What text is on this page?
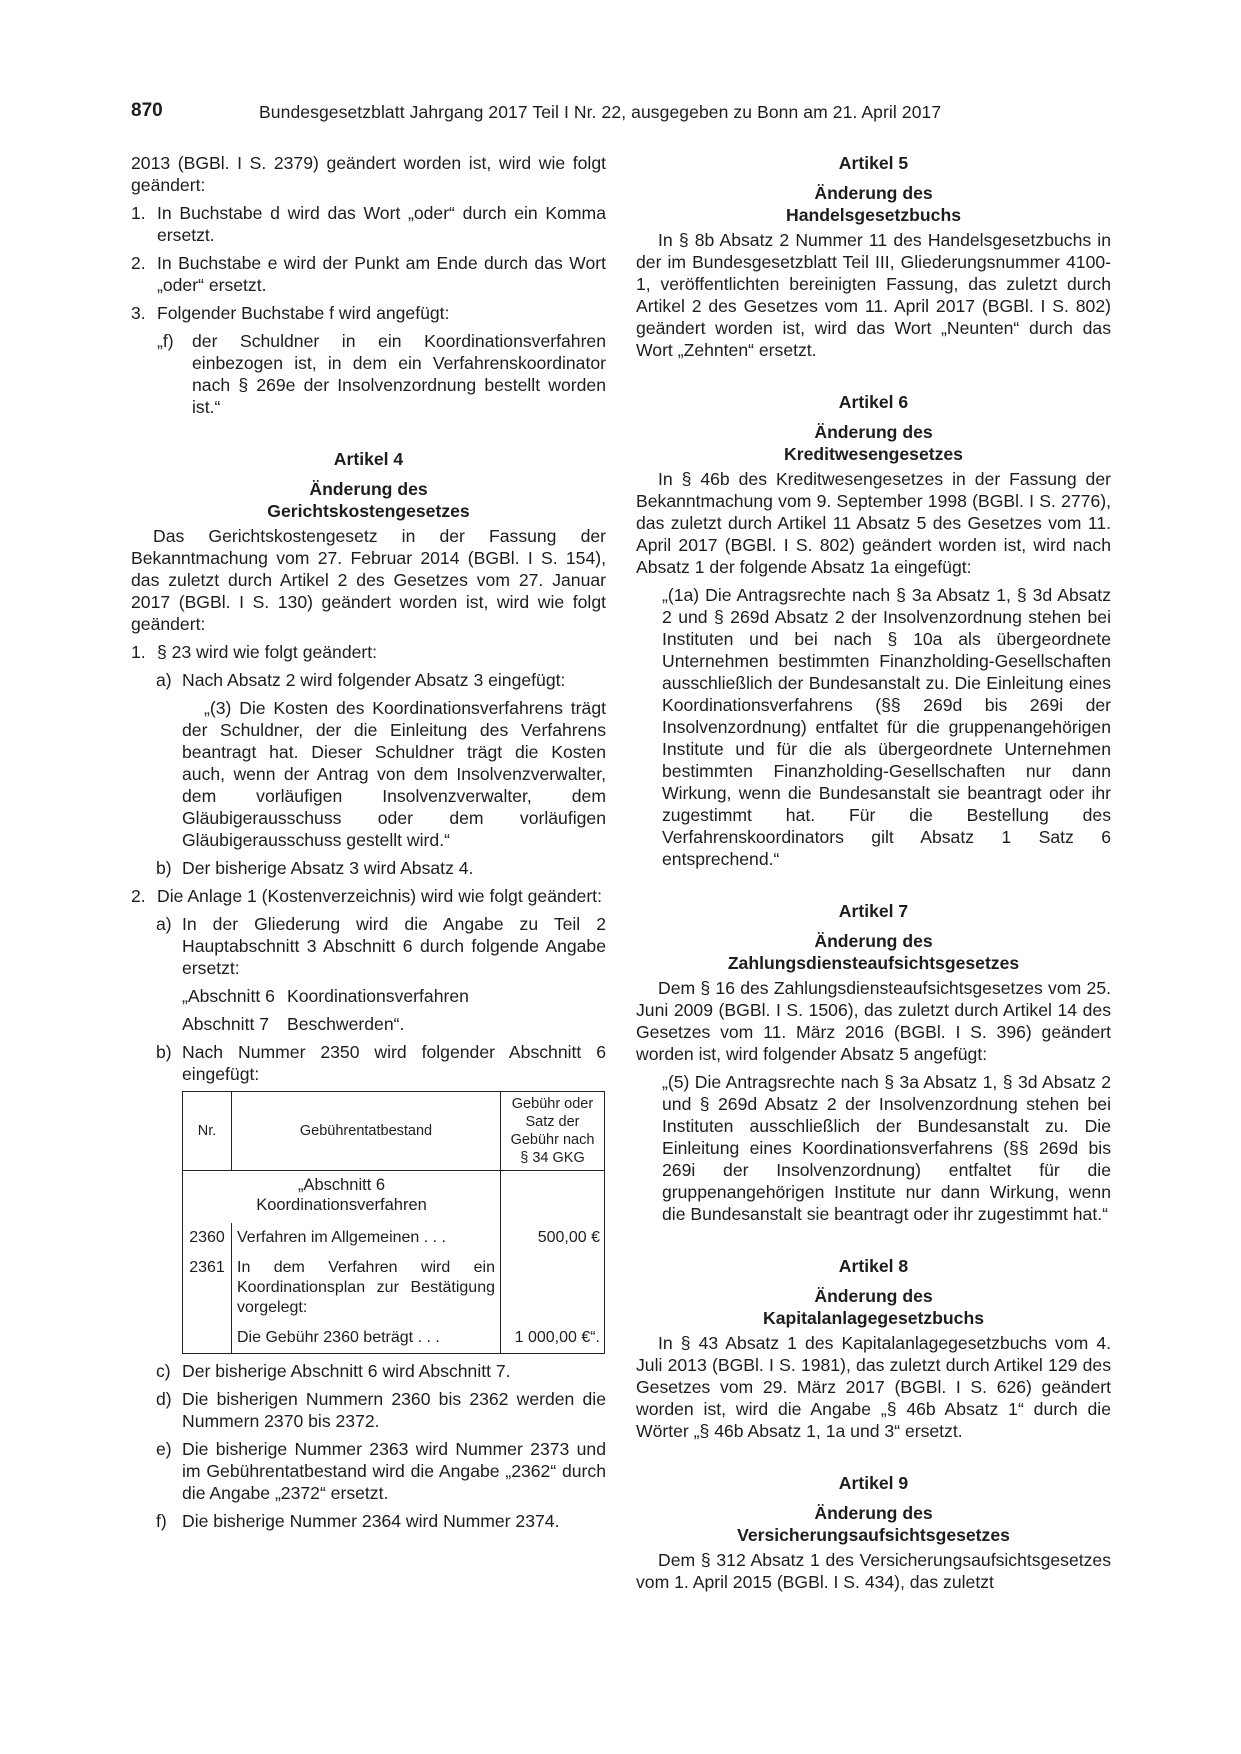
870	Bundesgesetzblatt Jahrgang 2017 Teil I Nr. 22, ausgegeben zu Bonn am 21. April 2017

2013 (BGBl. I S. 2379) geändert worden ist, wird wie folgt geändert:

1. In Buchstabe d wird das Wort „oder“ durch ein Komma ersetzt.
2. In Buchstabe e wird der Punkt am Ende durch das Wort „oder“ ersetzt.
3. Folgender Buchstabe f wird angefügt:
„f) der Schuldner in ein Koordinationsverfahren einbezogen ist, in dem ein Verfahrenskoordinator nach § 269e der Insolvenzordnung bestellt worden ist.“
Artikel 4
Änderung des
Gerichtskostengesetzes

Das Gerichtskostengesetz in der Fassung der Bekanntmachung vom 27. Februar 2014 (BGBl. I S. 154), das zuletzt durch Artikel 2 des Gesetzes vom 27. Januar 2017 (BGBl. I S. 130) geändert worden ist, wird wie folgt geändert:

1. § 23 wird wie folgt geändert:
a) Nach Absatz 2 wird folgender Absatz 3 eingefügt:

„(3) Die Kosten des Koordinationsverfahrens trägt der Schuldner, der die Einleitung des Verfahrens beantragt hat. Dieser Schuldner trägt die Kosten auch, wenn der Antrag von dem Insolvenzverwalter, dem vorläufigen Insolvenzverwalter, dem Gläubigerausschuss oder dem vorläufigen Gläubigerausschuss gestellt wird.“

b) Der bisherige Absatz 3 wird Absatz 4.
2. Die Anlage 1 (Kostenverzeichnis) wird wie folgt geändert:
a) In der Gliederung wird die Angabe zu Teil 2 Hauptabschnitt 3 Abschnitt 6 durch folgende Angabe ersetzt:
„Abschnitt 6 Koordinationsverfahren
Abschnitt 7 Beschwerden“.
b) Nach Nummer 2350 wird folgender Abschnitt 6 eingefügt:
Nr.	Gebührentatbestand	Gebühr oder Satz der Gebühr nach § 34 GKG

„Abschnitt 6
Koordinationsverfahren		

2360	Verfahren im Allgemeinen . . .	500,00 €
2361	In dem Verfahren wird ein Koordinationsplan zur Bestätigung vorgelegt:	
	Die Gebühr 2360 beträgt . . .	1 000,00 €“.
c) Der bisherige Abschnitt 6 wird Abschnitt 7.
d) Die bisherigen Nummern 2360 bis 2362 werden die Nummern 2370 bis 2372.
e) Die bisherige Nummer 2363 wird Nummer 2373 und im Gebührentatbestand wird die Angabe „2362“ durch die Angabe „2372“ ersetzt.
f) Die bisherige Nummer 2364 wird Nummer 2374.
Artikel 5
Änderung des
Handelsgesetzbuchs

In § 8b Absatz 2 Nummer 11 des Handelsgesetzbuchs in der im Bundesgesetzblatt Teil III, Gliederungsnummer 4100-1, veröffentlichten bereinigten Fassung, das zuletzt durch Artikel 2 des Gesetzes vom 11. April 2017 (BGBl. I S. 802) geändert worden ist, wird das Wort „Neunten“ durch das Wort „Zehnten“ ersetzt.

Artikel 6
Änderung des
Kreditwesengesetzes

In § 46b des Kreditwesengesetzes in der Fassung der Bekanntmachung vom 9. September 1998 (BGBl. I S. 2776), das zuletzt durch Artikel 11 Absatz 5 des Gesetzes vom 11. April 2017 (BGBl. I S. 802) geändert worden ist, wird nach Absatz 1 der folgende Absatz 1a eingefügt:

„(1a) Die Antragsrechte nach § 3a Absatz 1, § 3d Absatz 2 und § 269d Absatz 2 der Insolvenzordnung stehen bei Instituten und bei nach § 10a als übergeordnete Unternehmen bestimmten Finanzholding-Gesellschaften ausschließlich der Bundesanstalt zu. Die Einleitung eines Koordinationsverfahrens (§§ 269d bis 269i der Insolvenzordnung) entfaltet für die gruppenangehörigen Institute und für die als übergeordnete Unternehmen bestimmten Finanzholding-Gesellschaften nur dann Wirkung, wenn die Bundesanstalt sie beantragt oder ihr zugestimmt hat. Für die Bestellung des Verfahrenskoordinators gilt Absatz 1 Satz 6 entsprechend.“

Artikel 7
Änderung des
Zahlungsdiensteaufsichtsgesetzes

Dem § 16 des Zahlungsdiensteaufsichtsgesetzes vom 25. Juni 2009 (BGBl. I S. 1506), das zuletzt durch Artikel 14 des Gesetzes vom 11. März 2016 (BGBl. I S. 396) geändert worden ist, wird folgender Absatz 5 angefügt:

„(5) Die Antragsrechte nach § 3a Absatz 1, § 3d Absatz 2 und § 269d Absatz 2 der Insolvenzordnung stehen bei Instituten ausschließlich der Bundesanstalt zu. Die Einleitung eines Koordinationsverfahrens (§§ 269d bis 269i der Insolvenzordnung) entfaltet für die gruppenangehörigen Institute nur dann Wirkung, wenn die Bundesanstalt sie beantragt oder ihr zugestimmt hat.“

Artikel 8
Änderung des
Kapitalanlagegesetzbuchs

In § 43 Absatz 1 des Kapitalanlagegesetzbuchs vom 4. Juli 2013 (BGBl. I S. 1981), das zuletzt durch Artikel 129 des Gesetzes vom 29. März 2017 (BGBl. I S. 626) geändert worden ist, wird die Angabe „§ 46b Absatz 1“ durch die Wörter „§ 46b Absatz 1, 1a und 3“ ersetzt.

Artikel 9
Änderung des
Versicherungsaufsichtsgesetzes

Dem § 312 Absatz 1 des Versicherungsaufsichtsgesetzes vom 1. April 2015 (BGBl. I S. 434), das zuletzt
